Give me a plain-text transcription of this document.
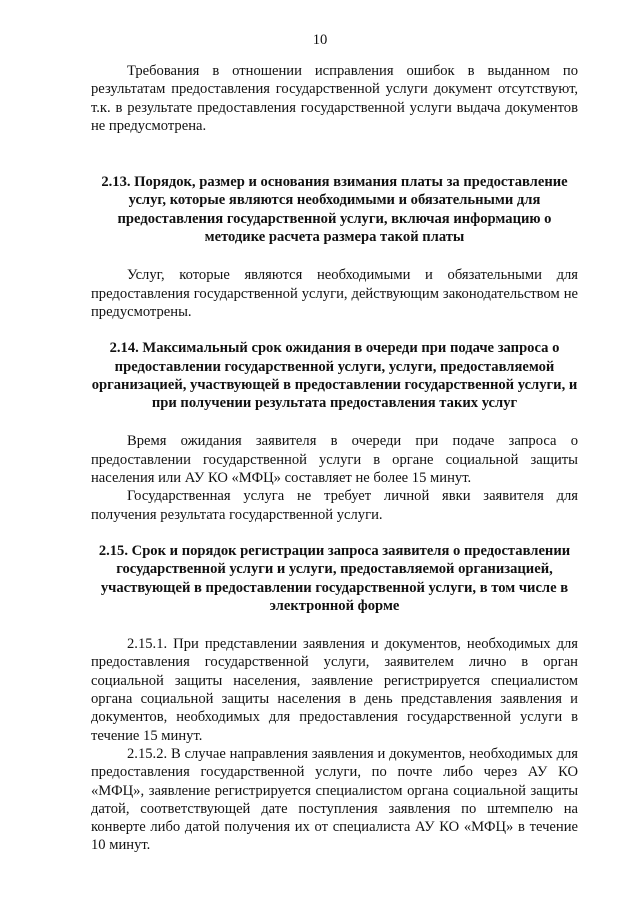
10

Требования в отношении исправления ошибок в выданном по результатам предоставления государственной услуги документ отсутствуют, т.к. в результате предоставления государственной услуги выдача документов не предусмотрена.

2.13. Порядок, размер и основания взимания платы за предоставление услуг, которые являются необходимыми и обязательными для предоставления государственной услуги, включая информацию о методике расчета размера такой платы

Услуг, которые являются необходимыми и обязательными для предоставления государственной услуги, действующим законодательством не предусмотрены.

2.14. Максимальный срок ожидания в очереди при подаче запроса о предоставлении государственной услуги, услуги, предоставляемой организацией, участвующей в предоставлении государственной услуги, и при получении результата предоставления таких услуг

Время ожидания заявителя в очереди при подаче запроса о предоставлении государственной услуги в органе социальной защиты населения или АУ КО «МФЦ» составляет не более 15 минут.

Государственная услуга не требует личной явки заявителя для получения результата государственной услуги.

2.15. Срок и порядок регистрации запроса заявителя о предоставлении государственной услуги и услуги, предоставляемой организацией, участвующей в предоставлении государственной услуги, в том числе в электронной форме

2.15.1. При представлении заявления и документов, необходимых для предоставления государственной услуги, заявителем лично в орган социальной защиты населения, заявление регистрируется специалистом органа социальной защиты населения в день представления заявления и документов, необходимых для предоставления государственной услуги в течение 15 минут.

2.15.2. В случае направления заявления и документов, необходимых для предоставления государственной услуги, по почте либо через АУ КО «МФЦ», заявление регистрируется специалистом органа социальной защиты датой, соответствующей дате поступления заявления по штемпелю на конверте либо датой получения их от специалиста АУ КО «МФЦ» в течение 10 минут.
